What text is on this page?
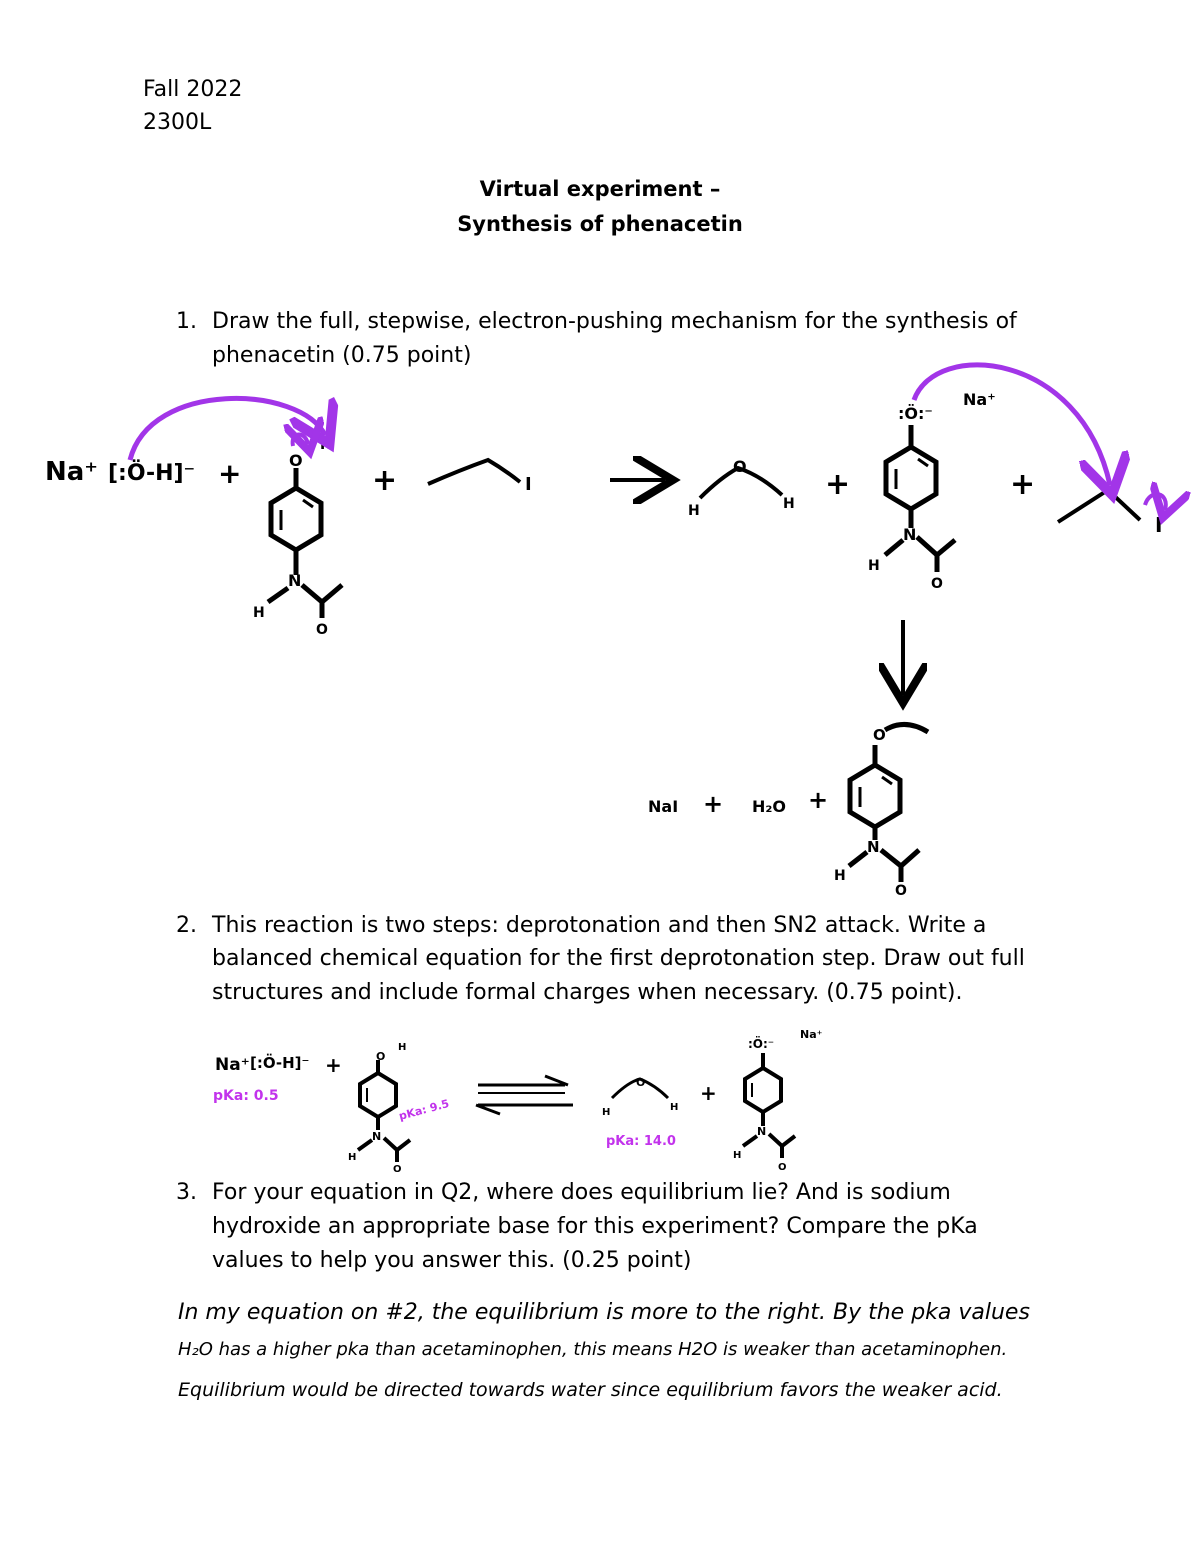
Fall 2022
2300L
Virtual experiment –
Synthesis of phenacetin
1. Draw the full, stepwise, electron-pushing mechanism for the synthesis of
phenacetin (0.75 point)
Na⁺ [:Ö-H]⁻ +	O
H
N
H
O
+	I
O
H	H
+
:Ö:⁻
Na⁺
N
H
O
+
I
NaI + H₂O +
O
N
H
O
Na⁺ [:Ö-H]⁻ +
pKa: 0.5
O
H
N
H
O
pKa: 9.5
O
H	H
pKa: 14.0
+
:Ö:⁻
Na⁺
N
H
O
2. This reaction is two steps: deprotonation and then SN2 attack. Write a
balanced chemical equation for the first deprotonation step. Draw out full
structures and include formal charges when necessary. (0.75 point).
3. For your equation in Q2, where does equilibrium lie? And is sodium
hydroxide an appropriate base for this experiment? Compare the pKa
values to help you answer this. (0.25 point)
In my equation on #2, the equilibrium is more to the right. By the pka values
H₂O has a higher pka than acetaminophen, this means H2O is weaker than acetaminophen.
Equilibrium would be directed towards water since equilibrium favors the weaker acid.
